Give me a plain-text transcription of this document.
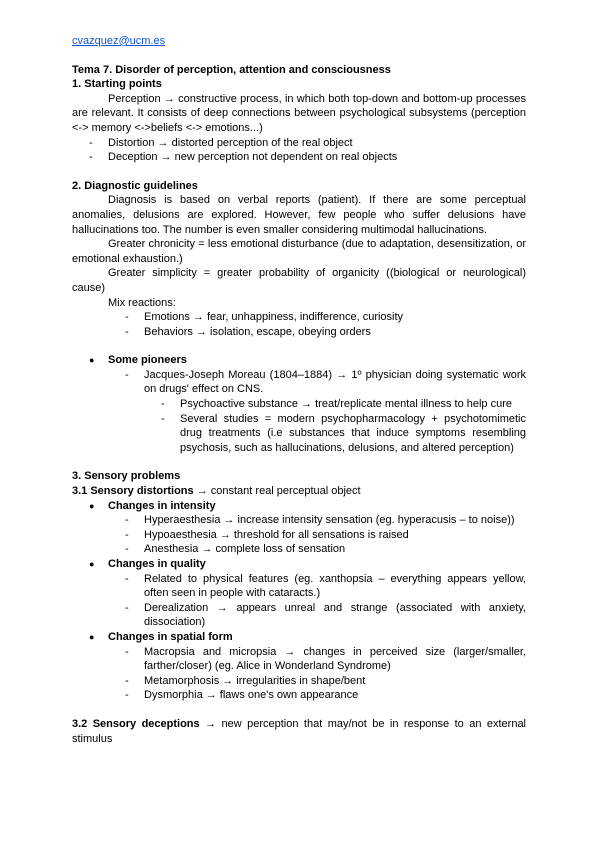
cvazquez@ucm.es
Tema 7. Disorder of perception, attention and consciousness
1. Starting points
Perception → constructive process, in which both top-down and bottom-up processes are relevant. It consists of deep connections between psychological subsystems (perception <-> memory <->beliefs <-> emotions...)
-	Distortion → distorted perception of the real object
-	Deception → new perception not dependent on real objects
2. Diagnostic guidelines
Diagnosis is based on verbal reports (patient). If there are some perceptual anomalies, delusions are explored. However, few people who suffer delusions have hallucinations too. The number is even smaller considering multimodal hallucinations.
Greater chronicity = less emotional disturbance (due to adaptation, desensitization, or emotional exhaustion.)
Greater simplicity = greater probability of organicity ((biological or neurological) cause)
Mix reactions:
-	Emotions → fear, unhappiness, indifference, curiosity
-	Behaviors → isolation, escape, obeying orders
●	Some pioneers
-	Jacques-Joseph Moreau (1804–1884) → 1º physician doing systematic work on drugs' effect on CNS.
-	Psychoactive substance → treat/replicate mental illness to help cure
-	Several studies = modern psychopharmacology + psychotomimetic drug treatments (i.e substances that induce symptoms resembling psychosis, such as hallucinations, delusions, and altered perception)
3. Sensory problems
3.1 Sensory distortions → constant real perceptual object
●	Changes in intensity
-	Hyperaesthesia → increase intensity sensation (eg. hyperacusis – to noise))
-	Hypoaesthesia → threshold for all sensations is raised
-	Anesthesia → complete loss of sensation
●	Changes in quality
-	Related to physical features (eg. xanthopsia – everything appears yellow, often seen in people with cataracts.)
-	Derealization → appears unreal and strange (associated with anxiety, dissociation)
●	Changes in spatial form
-	Macropsia and micropsia → changes in perceived size (larger/smaller, farther/closer) (eg. Alice in Wonderland Syndrome)
-	Metamorphosis → irregularities in shape/bent
-	Dysmorphia → flaws one's own appearance
3.2 Sensory deceptions → new perception that may/not be in response to an external stimulus
